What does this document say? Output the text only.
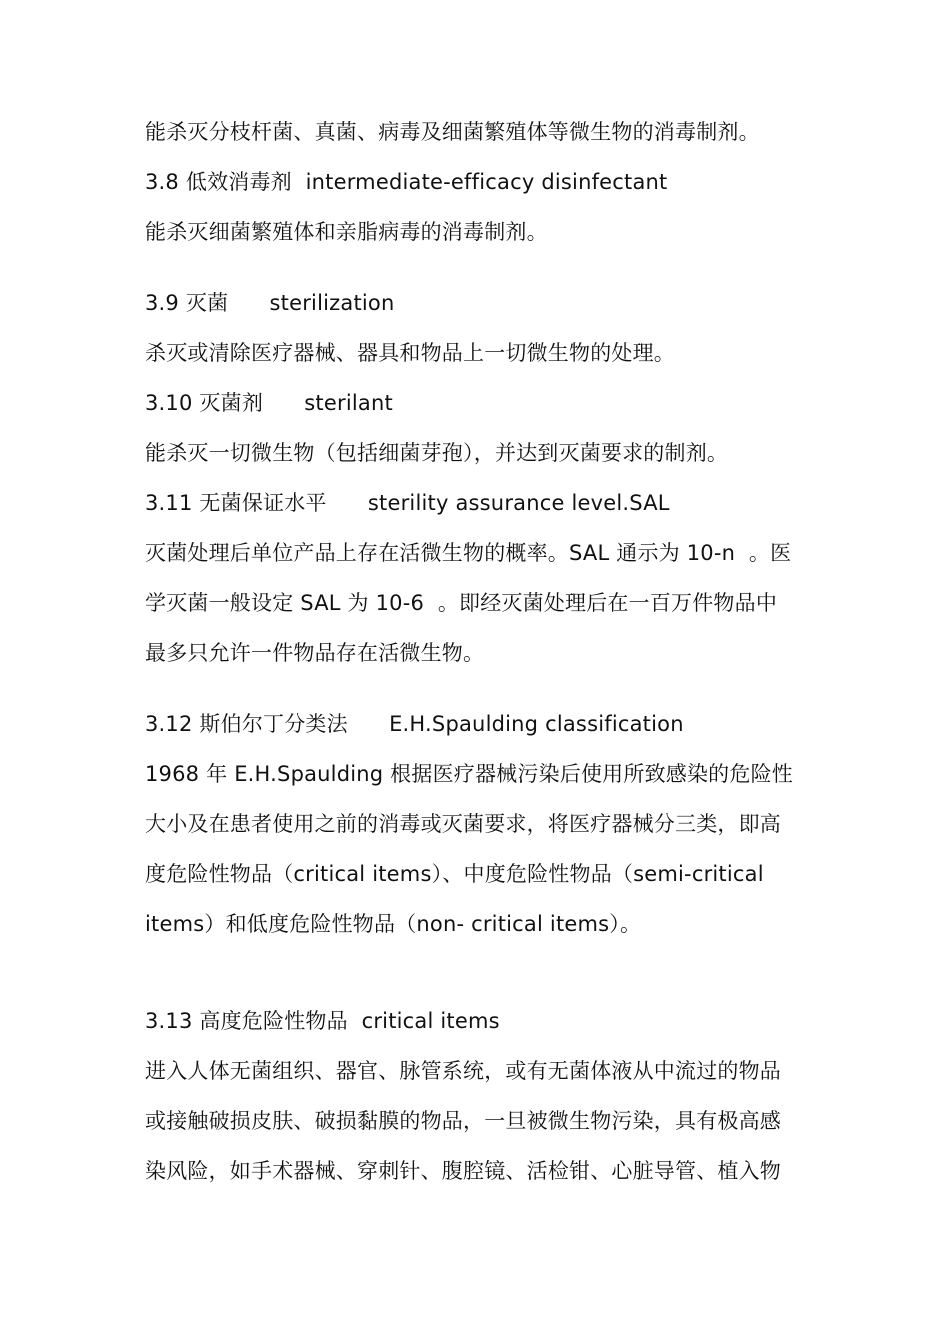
能杀灭分枝杆菌、真菌、病毒及细菌繁殖体等微生物的消毒制剂。
3.8 低效消毒剂  intermediate-efficacy disinfectant
能杀灭细菌繁殖体和亲脂病毒的消毒制剂。
3.9 灭菌      sterilization
杀灭或清除医疗器械、器具和物品上一切微生物的处理。
3.10 灭菌剂      sterilant
能杀灭一切微生物（包括细菌芽孢），并达到灭菌要求的制剂。
3.11 无菌保证水平      sterility assurance level.SAL
灭菌处理后单位产品上存在活微生物的概率。SAL 通示为 10-n  。医
学灭菌一般设定 SAL 为 10-6  。即经灭菌处理后在一百万件物品中
最多只允许一件物品存在活微生物。
3.12 斯伯尔丁分类法      E.H.Spaulding classification
1968 年 E.H.Spaulding 根据医疗器械污染后使用所致感染的危险性
大小及在患者使用之前的消毒或灭菌要求，将医疗器械分三类，即高
度危险性物品（critical items）、中度危险性物品（semi-critical
items）和低度危险性物品（non- critical items）。
3.13 高度危险性物品  critical items
进入人体无菌组织、器官、脉管系统，或有无菌体液从中流过的物品
或接触破损皮肤、破损黏膜的物品，一旦被微生物污染，具有极高感
染风险，如手术器械、穿刺针、腹腔镜、活检钳、心脏导管、植入物
